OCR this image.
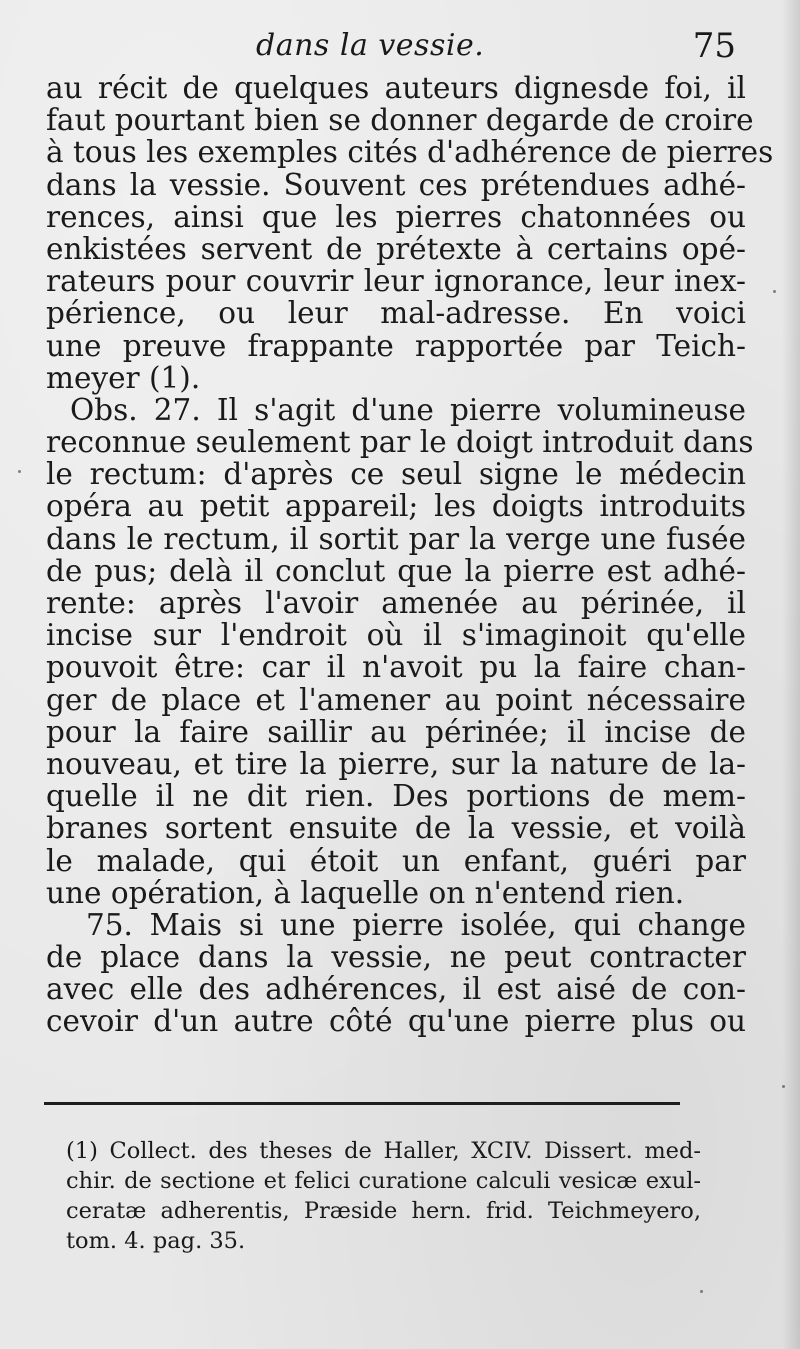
dans la vessie.	75
au récit de quelques auteurs dignesde foi, il
faut pourtant bien se donner degarde de croire
à tous les exemples cités d'adhérence de pierres
dans la vessie. Souvent ces prétendues adhé-
rences, ainsi que les pierres chatonnées ou
enkistées servent de prétexte à certains opé-
rateurs pour couvrir leur ignorance, leur inex-
périence, ou leur mal-adresse. En voici
une preuve frappante rapportée par Teich-
meyer (1).
Obs. 27. Il s'agit d'une pierre volumineuse
reconnue seulement par le doigt introduit dans
le rectum: d'après ce seul signe le médecin
opéra au petit appareil; les doigts introduits
dans le rectum, il sortit par la verge une fusée
de pus; delà il conclut que la pierre est adhé-
rente: après l'avoir amenée au périnée, il
incise sur l'endroit où il s'imaginoit qu'elle
pouvoit être: car il n'avoit pu la faire chan-
ger de place et l'amener au point nécessaire
pour la faire saillir au périnée; il incise de
nouveau, et tire la pierre, sur la nature de la-
quelle il ne dit rien. Des portions de mem-
branes sortent ensuite de la vessie, et voilà
le malade, qui étoit un enfant, guéri par
une opération, à laquelle on n'entend rien.
75. Mais si une pierre isolée, qui change
de place dans la vessie, ne peut contracter
avec elle des adhérences, il est aisé de con-
cevoir d'un autre côté qu'une pierre plus ou
(1) Collect. des theses de Haller, XCIV. Dissert. med-
chir. de sectione et felici curatione calculi vesicæ exul-
ceratæ adherentis, Præside hern. frid. Teichmeyero,
tom. 4. pag. 35.
